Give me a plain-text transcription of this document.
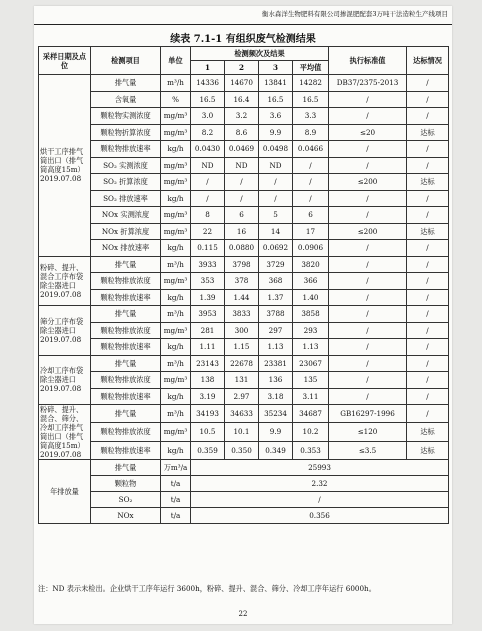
衡水森洋生物肥料有限公司掺混肥配套3万吨干法造粒生产线项目
续表 7.1-1 有组织废气检测结果
采样日期及点位	检测项目	单位	检测频次及结果				执行标准值	达标情况
			1	2	3	平均值		
烘干工序排气筒出口（排气筒高度15m）2019.07.08	排气量	m³/h	14336	14670	13841	14282	DB37/2375-2013	/
	含氧量	%	16.5	16.4	16.5	16.5	/	/
	颗粒物实测浓度	mg/m³	3.0	3.2	3.6	3.3	/	/
	颗粒物折算浓度	mg/m³	8.2	8.6	9.9	8.9	≤20	达标
	颗粒物排放速率	kg/h	0.0430	0.0469	0.0498	0.0466	/	/
	SO₂ 实测浓度	mg/m³	ND	ND	ND	/	/	/
	SO₂ 折算浓度	mg/m³	/	/	/	/	≤200	达标
	SO₂ 排放速率	kg/h	/	/	/	/	/	/
	NOx 实测浓度	mg/m³	8	6	5	6	/	/
	NOx 折算浓度	mg/m³	22	16	14	17	≤200	达标
	NOx 排放速率	kg/h	0.115	0.0880	0.0692	0.0906	/	/
粉碎、提升、混合工序布袋除尘器进口 2019.07.08	排气量	m³/h	3933	3798	3729	3820	/	/
	颗粒物排放浓度	mg/m³	353	378	368	366	/	/
	颗粒物排放速率	kg/h	1.39	1.44	1.37	1.40	/	/
筛分工序布袋除尘器进口 2019.07.08	排气量	m³/h	3953	3833	3788	3858	/	/
	颗粒物排放浓度	mg/m³	281	300	297	293	/	/
	颗粒物排放速率	kg/h	1.11	1.15	1.13	1.13	/	/
冷却工序布袋除尘器进口 2019.07.08	排气量	m³/h	23143	22678	23381	23067	/	/
	颗粒物排放浓度	mg/m³	138	131	136	135	/	/
	颗粒物排放速率	kg/h	3.19	2.97	3.18	3.11	/	/
粉碎、提升、混合、筛分、冷却工序排气筒出口（排气筒高度15m）2019.07.08	排气量	m³/h	34193	34633	35234	34687	GB16297-1996	/
	颗粒物排放浓度	mg/m³	10.5	10.1	9.9	10.2	≤120	达标
	颗粒物排放速率	kg/h	0.359	0.350	0.349	0.353	≤3.5	达标
年排放量	排气量	万m³/a	25993					
	颗粒物	t/a	2.32					
	SO₂	t/a	/					
	NOx	t/a	0.356					
注：ND 表示未检出。企业烘干工序年运行 3600h，粉碎、提升、混合、筛分、冷却工序年运行 6000h。
22
